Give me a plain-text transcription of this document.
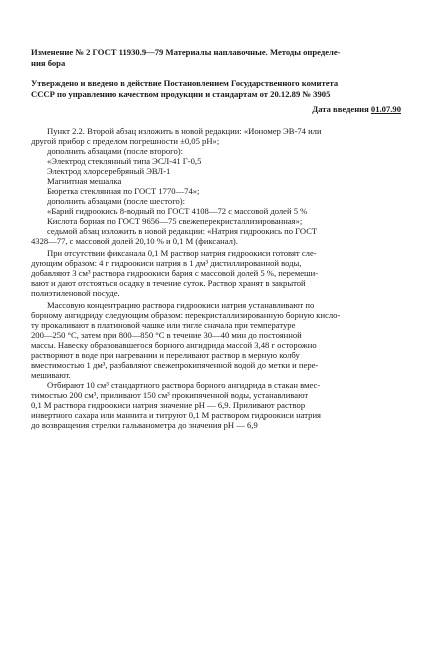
Изменение № 2 ГОСТ 11930.9—79 Материалы наплавочные. Методы определе-
ния бора
Утверждено и введено в действие Постановлением Государственного комитета
СССР по управлению качеством продукции и стандартам от 20.12.89 № 3905
Дата введения 01.07.90
Пункт 2.2. Второй абзац изложить в новой редакции: «Иономер ЭВ-74 или
другой прибор с пределом погрешности ±0,05 pH»;
дополнить абзацами (после второго):
«Электрод стеклянный типа ЭСЛ-41 Г-0,5
Электрод хлорсеребряный ЭВЛ-1
Магнитная мешалка
Бюретка стеклянная по ГОСТ 1770—74»;
дополнить абзацами (после шестого):
«Барий гидроокись 8-водный по ГОСТ 4108—72 с массовой долей 5 %
Кислота борная по ГОСТ 9656—75 свежеперекристаллизированная»;
седьмой абзац изложить в новой редакции: «Натрия гидроокись по ГОСТ
4328—77, с массовой долей 20,10 % и 0,1 М (фиксанал).
При отсутствии фиксанала 0,1 М раствор натрия гидроокиси готовят сле-
дующим образом: 4 г гидроокиси натрия в 1 дм³ дистиллированной воды,
добавляют 3 см³ раствора гидроокиси бария с массовой долей 5 %, перемеши-
вают и дают отстояться осадку в течение суток. Раствор хранят в закрытой
полиэтиленовой посуде.
Массовую концентрацию раствора гидроокиси натрия устанавливают по
борному ангидриду следующим образом: перекристаллизированную борную кисло-
ту прокаливают в платиновой чашке или тигле сначала при температуре
200—250 °С, затем при 800—850 °С в течение 30—40 мин до постоянной
массы. Навеску образовавшегося борного ангидрида массой 3,48 г осторожно
растворяют в воде при нагревании и переливают раствор в мерную колбу
вместимостью 1 дм³, разбавляют свежепрокипяченной водой до метки и пере-
мешивают.
Отбирают 10 см³ стандартного раствора борного ангидрида в стакан вмес-
тимостью 200 см³, приливают 150 см³ прокипяченной воды, устанавливают
0,1 М раствора гидроокиси натрия значение pH — 6,9. Приливают раствор
инвертного сахара или маннита и титруют 0,1 М раствором гидроокиси натрия
до возвращения стрелки гальванометра до значения pH — 6,9
